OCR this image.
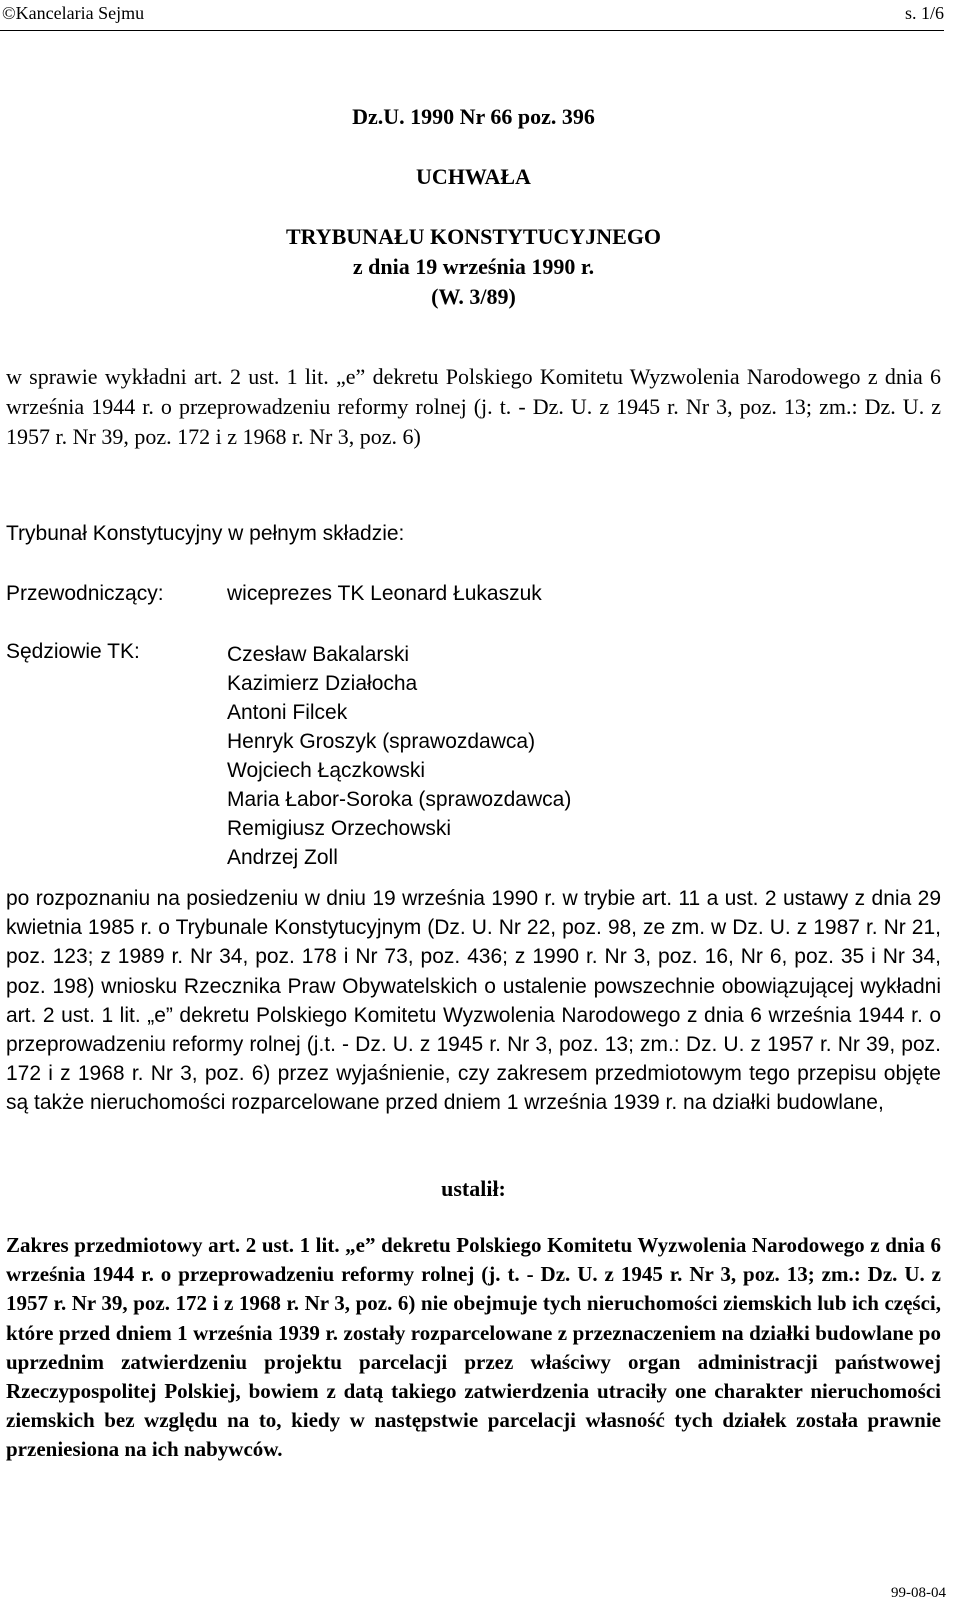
©Kancelaria Sejmu	s. 1/6
Dz.U. 1990 Nr 66 poz. 396
UCHWAŁA
TRYBUNAŁU KONSTYTUCYJNEGO
z dnia 19 września 1990 r.
(W. 3/89)
w sprawie wykładni art. 2 ust. 1 lit. „e” dekretu Polskiego Komitetu Wyzwolenia Narodowego z dnia 6 września 1944 r. o przeprowadzeniu reformy rolnej (j. t. - Dz. U. z 1945 r. Nr 3, poz. 13; zm.: Dz. U. z 1957 r. Nr 39, poz. 172 i z 1968 r. Nr 3, poz. 6)
Trybunał Konstytucyjny w pełnym składzie:
Przewodniczący:	wiceprezes TK Leonard Łukaszuk
Sędziowie TK:	Czesław Bakalarski
Kazimierz Działocha
Antoni Filcek
Henryk Groszyk (sprawozdawca)
Wojciech Łączkowski
Maria Łabor-Soroka (sprawozdawca)
Remigiusz Orzechowski
Andrzej Zoll
po rozpoznaniu na posiedzeniu w dniu 19 września 1990 r. w trybie art. 11 a ust. 2 ustawy z dnia 29 kwietnia 1985 r. o Trybunale Konstytucyjnym (Dz. U. Nr 22, poz. 98, ze zm. w Dz. U. z 1987 r. Nr 21, poz. 123; z 1989 r. Nr 34, poz. 178 i Nr 73, poz. 436; z 1990 r. Nr 3, poz. 16, Nr 6, poz. 35 i Nr 34, poz. 198) wniosku Rzecznika Praw Obywatelskich o ustalenie powszechnie obowiązującej wykładni art. 2 ust. 1 lit. „e” dekretu Polskiego Komitetu Wyzwolenia Narodowego z dnia 6 września 1944 r. o przeprowadzeniu reformy rolnej (j.t. - Dz. U. z 1945 r. Nr 3, poz. 13; zm.: Dz. U. z 1957 r. Nr 39, poz. 172 i z 1968 r. Nr 3, poz. 6) przez wyjaśnienie, czy zakresem przedmiotowym tego przepisu objęte są także nieruchomości rozparcelowane przed dniem 1 września 1939 r. na działki budowlane,
ustalił:
Zakres przedmiotowy art. 2 ust. 1 lit. „e” dekretu Polskiego Komitetu Wyzwolenia Narodowego z dnia 6 września 1944 r. o przeprowadzeniu reformy rolnej (j. t. - Dz. U. z 1945 r. Nr 3, poz. 13; zm.: Dz. U. z 1957 r. Nr 39, poz. 172 i z 1968 r. Nr 3, poz. 6) nie obejmuje tych nieruchomości ziemskich lub ich części, które przed dniem 1 września 1939 r. zostały rozparcelowane z przeznaczeniem na działki budowlane po uprzednim zatwierdzeniu projektu parcelacji przez właściwy organ administracji państwowej Rzeczypospolitej Polskiej, bowiem z datą takiego zatwierdzenia utraciły one charakter nieruchomości ziemskich bez względu na to, kiedy w następstwie parcelacji własność tych działek została prawnie przeniesiona na ich nabywców.
99-08-04
